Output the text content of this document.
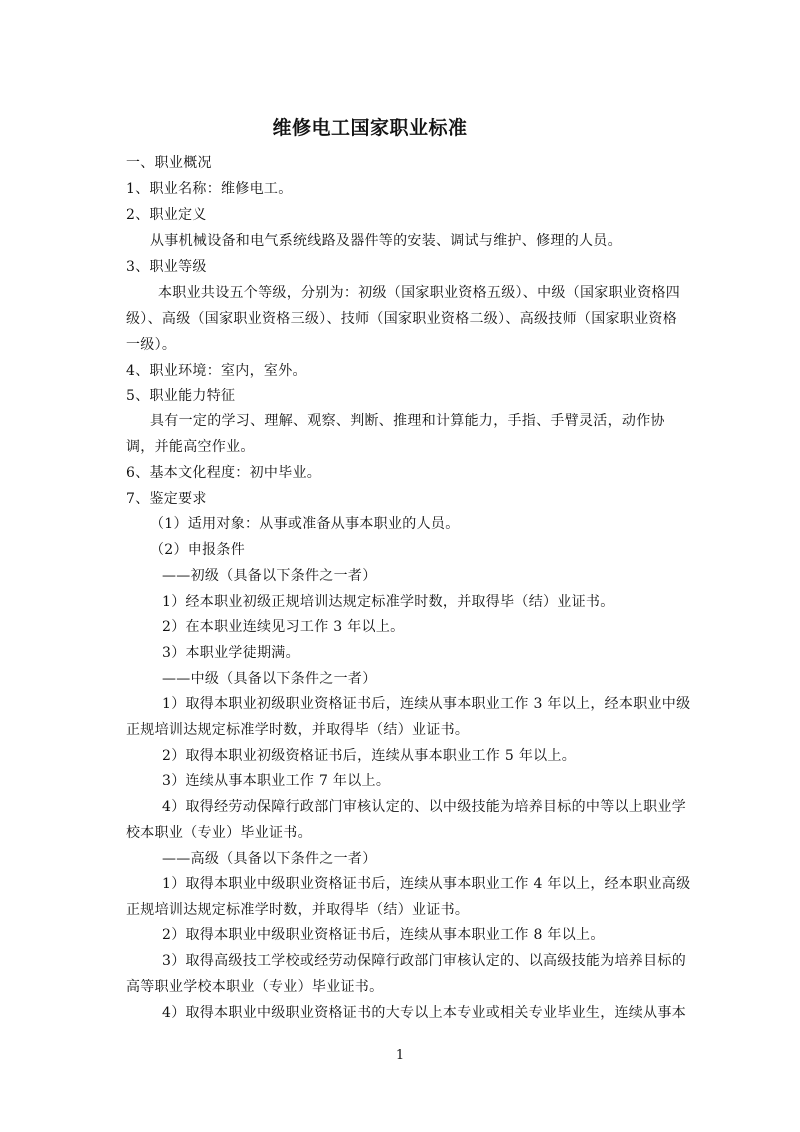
维修电工国家职业标准
一、职业概况
1、职业名称：维修电工。
2、职业定义
从事机械设备和电气系统线路及器件等的安装、调试与维护、修理的人员。
3、职业等级
本职业共设五个等级，分别为：初级（国家职业资格五级）、中级（国家职业资格四
级）、高级（国家职业资格三级）、技师（国家职业资格二级）、高级技师（国家职业资格
一级）。
4、职业环境：室内，室外。
5、职业能力特征
具有一定的学习、理解、观察、判断、推理和计算能力，手指、手臂灵活，动作协
调，并能高空作业。
6、基本文化程度：初中毕业。
7、鉴定要求
（1）适用对象：从事或准备从事本职业的人员。
（2）申报条件
——初级（具备以下条件之一者）
1）经本职业初级正规培训达规定标准学时数，并取得毕（结）业证书。
2）在本职业连续见习工作 3 年以上。
3）本职业学徒期满。
——中级（具备以下条件之一者）
1）取得本职业初级职业资格证书后，连续从事本职业工作 3 年以上，经本职业中级
正规培训达规定标准学时数，并取得毕（结）业证书。
2）取得本职业初级资格证书后，连续从事本职业工作 5 年以上。
3）连续从事本职业工作 7 年以上。
4）取得经劳动保障行政部门审核认定的、以中级技能为培养目标的中等以上职业学
校本职业（专业）毕业证书。
——高级（具备以下条件之一者）
1）取得本职业中级职业资格证书后，连续从事本职业工作 4 年以上，经本职业高级
正规培训达规定标准学时数，并取得毕（结）业证书。
2）取得本职业中级职业资格证书后，连续从事本职业工作 8 年以上。
3）取得高级技工学校或经劳动保障行政部门审核认定的、以高级技能为培养目标的
高等职业学校本职业（专业）毕业证书。
4）取得本职业中级职业资格证书的大专以上本专业或相关专业毕业生，连续从事本
1
